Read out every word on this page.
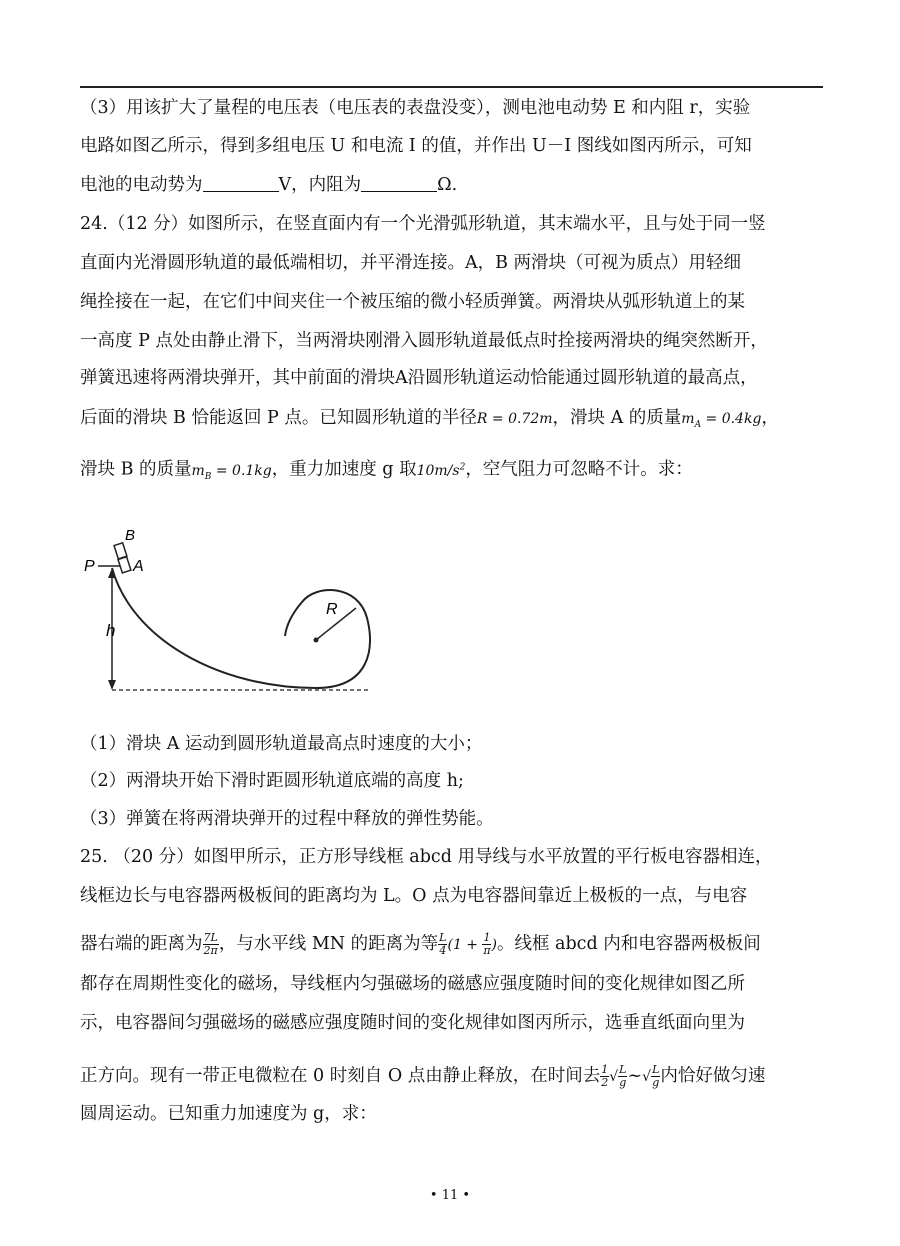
（3）用该扩大了量程的电压表（电压表的表盘没变），测电池电动势 E 和内阻 r，实验
电路如图乙所示，得到多组电压 U 和电流 I 的值，并作出 U－I 图线如图丙所示，可知
电池的电动势为	V，内阻为	Ω.
24.（12 分）如图所示，在竖直面内有一个光滑弧形轨道，其末端水平，且与处于同一竖
直面内光滑圆形轨道的最低端相切，并平滑连接。A，B 两滑块（可视为质点）用轻细
绳拴接在一起，在它们中间夹住一个被压缩的微小轻质弹簧。两滑块从弧形轨道上的某
一高度 P 点处由静止滑下，当两滑块刚滑入圆形轨道最低点时拴接两滑块的绳突然断开，
弹簧迅速将两滑块弹开，其中前面的滑块A沿圆形轨道运动恰能通过圆形轨道的最高点，
后面的滑块 B 恰能返回 P 点。已知圆形轨道的半径R = 0.72m，滑块 A 的质量$m_A = 0.4kg$，
滑块 B 的质量$m_B = 0.1kg$，重力加速度 g 取$10m/s^2$，空气阻力可忽略不计。求：
P
B
A
h
R
（1）滑块 A 运动到圆形轨道最高点时速度的大小；
（2）两滑块开始下滑时距圆形轨道底端的高度 h;
（3）弹簧在将两滑块弹开的过程中释放的弹性势能。
25. （20 分）如图甲所示，正方形导线框 abcd 用导线与水平放置的平行板电容器相连，
线框边长与电容器两极板间的距离均为 L。O 点为电容器间靠近上极板的一点，与电容
器右端的距离为 $\frac{7L}{2\pi}$ ，与水平线 MN 的距离为等 $\frac{L}{4} (1 + \frac{1}{\pi}$ )。线框 abcd 内和电容器两极板间
都存在周期性变化的磁场，导线框内匀强磁场的磁感应强度随时间的变化规律如图乙所
示，电容器间匀强磁场的磁感应强度随时间的变化规律如图丙所示，选垂直纸面向里为
正方向。现有一带正电微粒在 0 时刻自 O 点由静止释放，在时间去 $\frac{1}{2}$ √ $\frac{L}{g}$ ~√ $\frac{L}{g}$ 内恰好做匀速
圆周运动。已知重力加速度为 g，求：
• 11 •
